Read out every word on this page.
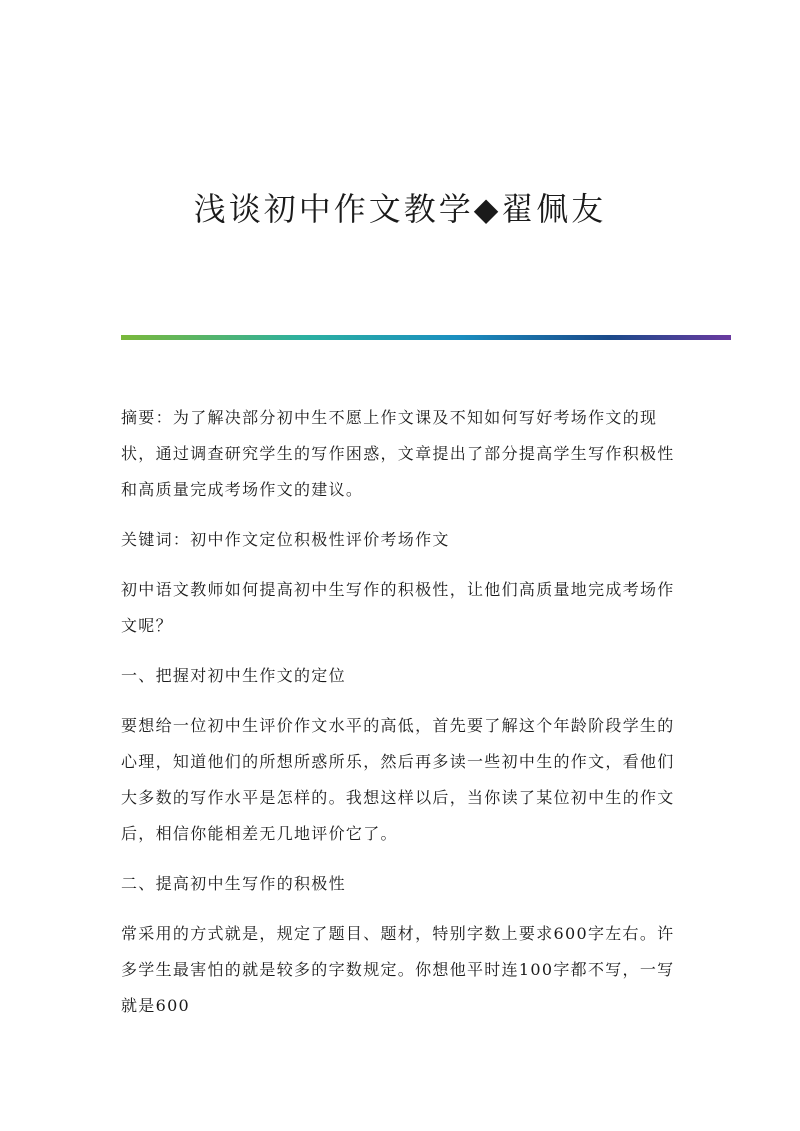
浅谈初中作文教学◆翟佩友

摘要：为了解决部分初中生不愿上作文课及不知如何写好考场作文的现状，通过调查研究学生的写作困惑，文章提出了部分提高学生写作积极性和高质量完成考场作文的建议。

关键词：初中作文定位积极性评价考场作文

初中语文教师如何提高初中生写作的积极性，让他们高质量地完成考场作文呢？

一、把握对初中生作文的定位

要想给一位初中生评价作文水平的高低，首先要了解这个年龄阶段学生的心理，知道他们的所想所惑所乐，然后再多读一些初中生的作文，看他们大多数的写作水平是怎样的。我想这样以后，当你读了某位初中生的作文后，相信你能相差无几地评价它了。

二、提高初中生写作的积极性

常采用的方式就是，规定了题目、题材，特别字数上要求600字左右。许多学生最害怕的就是较多的字数规定。你想他平时连100字都不写，一写就是600
